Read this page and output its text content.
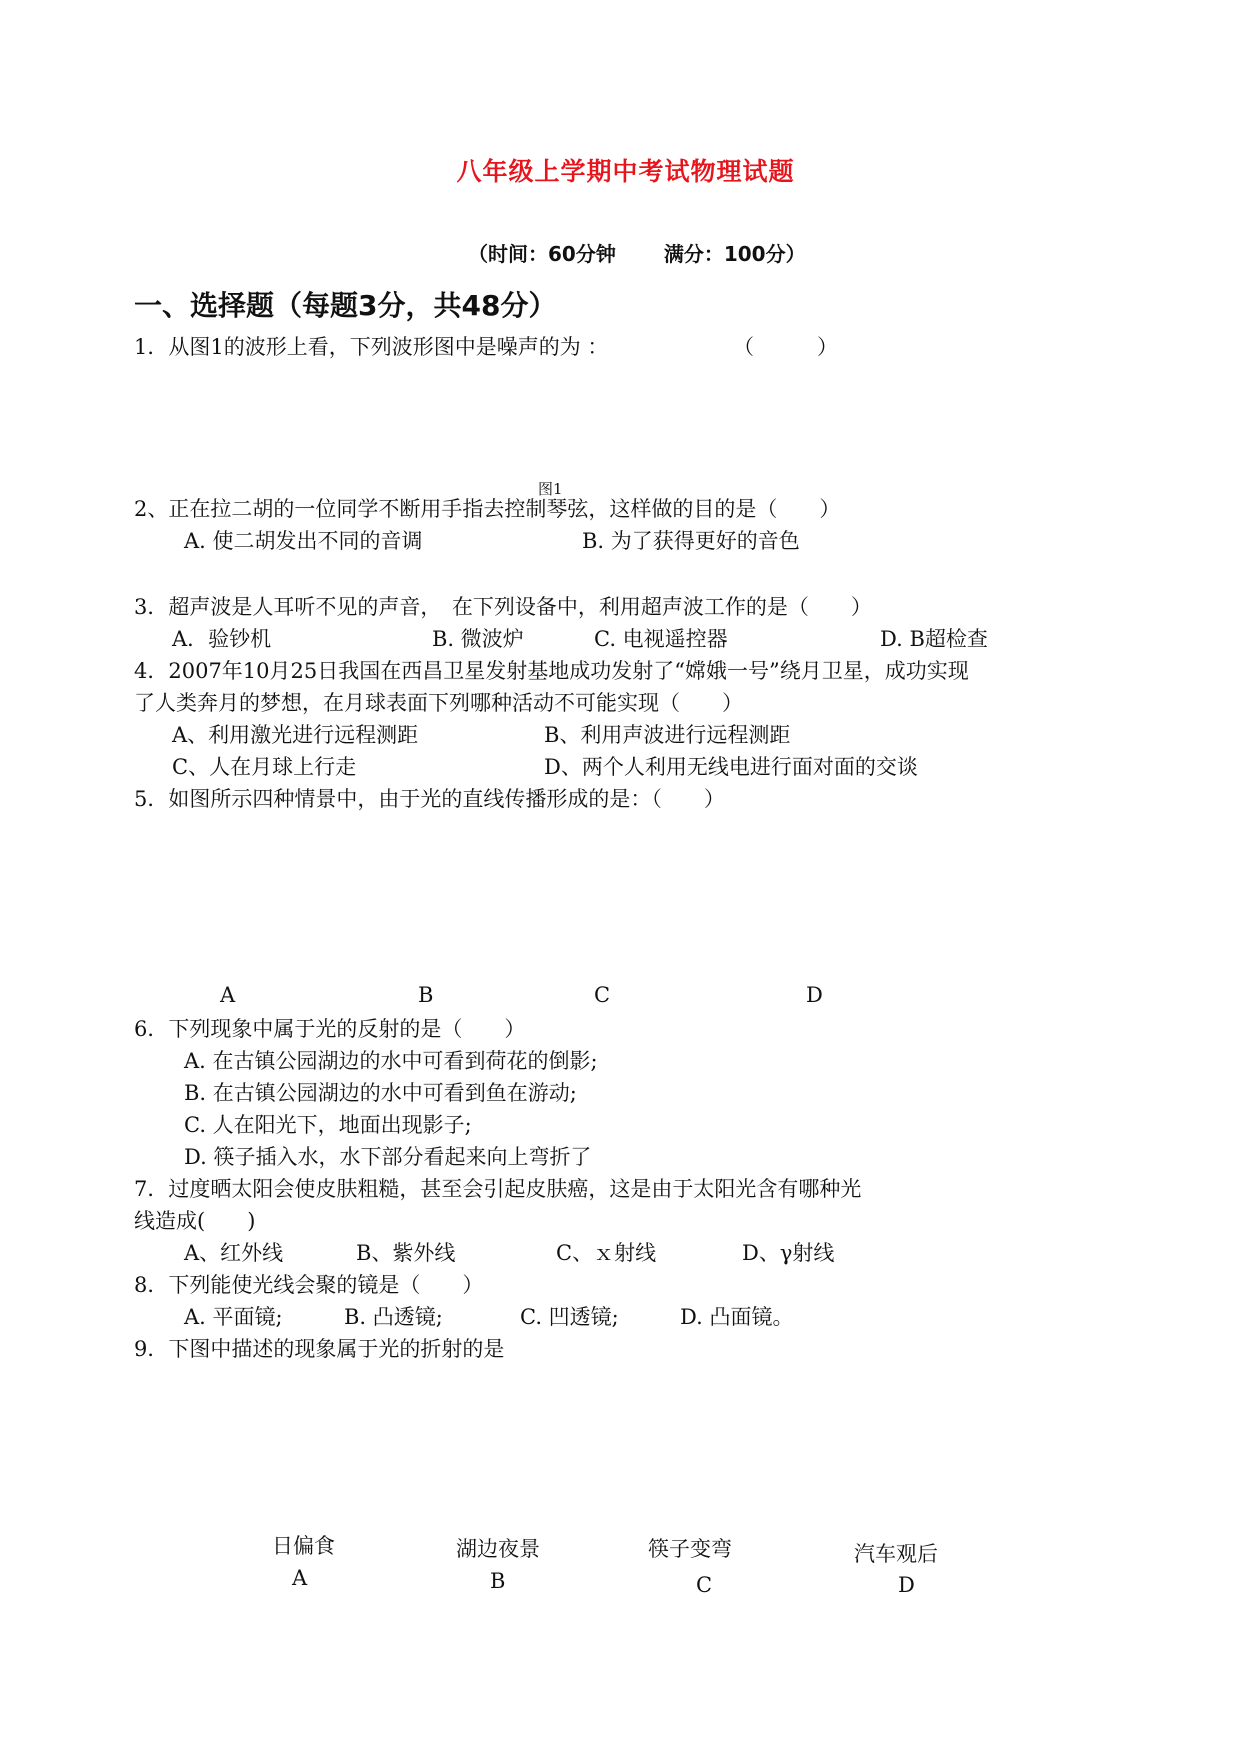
八年级上学期中考试物理试题
（时间：60分钟 满分：100分）
一、选择题（每题3分，共48分）
1．从图1的波形上看，下列波形图中是噪声的为 ：	（　　　）
图1
2、正在拉二胡的一位同学不断用手指去控制琴弦，这样做的目的是（　　）
A. 使二胡发出不同的音调	B. 为了获得更好的音色
3．超声波是人耳听不见的声音，　在下列设备中，利用超声波工作的是（　　）
A．验钞机	B. 微波炉	C. 电视遥控器	D. B超检查
4．2007年10月25日我国在西昌卫星发射基地成功发射了“嫦娥一号”绕月卫星，成功实现
了人类奔月的梦想，在月球表面下列哪种活动不可能实现（　　）
A、利用激光进行远程测距	B、利用声波进行远程测距
C、人在月球上行走	D、两个人利用无线电进行面对面的交谈
5．如图所示四种情景中，由于光的直线传播形成的是：（　　）
A	B	C	D
6．下列现象中属于光的反射的是（　　）
A. 在古镇公园湖边的水中可看到荷花的倒影;
B. 在古镇公园湖边的水中可看到鱼在游动;
C. 人在阳光下，地面出现影子;
D. 筷子插入水，水下部分看起来向上弯折了
7．过度晒太阳会使皮肤粗糙，甚至会引起皮肤癌，这是由于太阳光含有哪种光
线造成(　　)
A、红外线	B、紫外线	C、ｘ射线	D、γ射线
8．下列能使光线会聚的镜是（　　）
A. 平面镜;	B. 凸透镜;	C. 凹透镜;	D. 凸面镜。
9．下图中描述的现象属于光的折射的是
日偏食	湖边夜景	筷子变弯	汽车观后
A	B	C	D
